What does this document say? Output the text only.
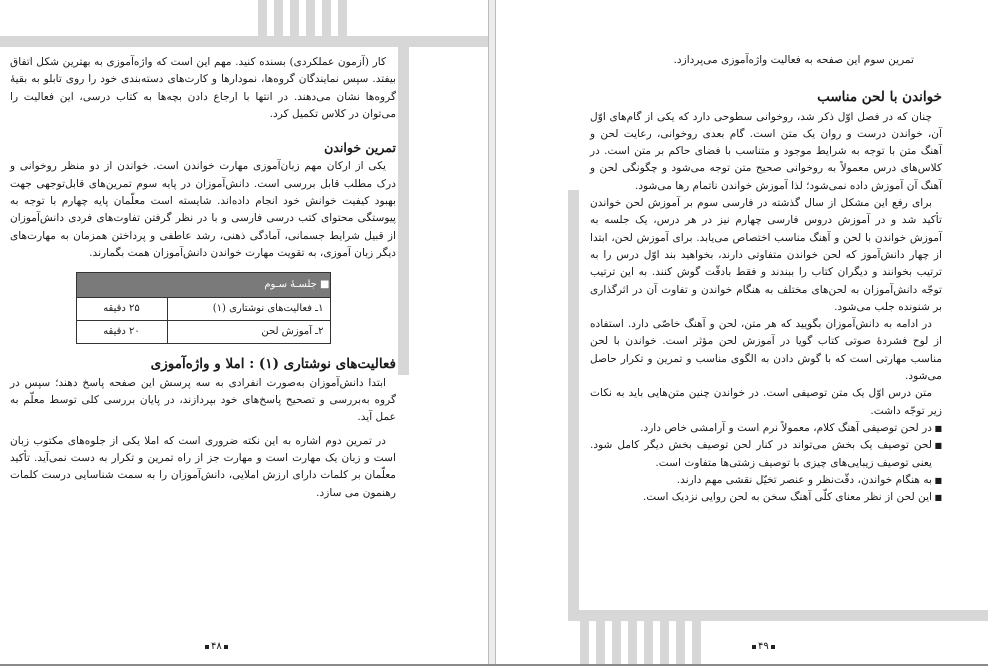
کار (آزمون عملکردی) بسنده کنید. مهم این است که واژه‌آموزی به بهترین شکل اتفاق بیفتد. سپس نمایندگان گروه‌ها، نمودارها و کارت‌های دسته‌بندی خود را روی تابلو به بقیهٔ گروه‌ها نشان می‌دهند. در انتها با ارجاع دادن بچه‌ها به کتاب درسی، این فعالیت را می‌توان در کلاس تکمیل کرد.

تمرین خواندن

یکی از ارکان مهم زبان‌آموزی مهارت خواندن است. خواندن از دو منظر روخوانی و درک مطلب قابل بررسی است. دانش‌آموزان در پایه سوم تمرین‌های قابل‌توجهی جهت بهبود کیفیت خوانش خود انجام داده‌اند. شایسته است معلّمان پایه چهارم با توجه به پیوستگی محتوای کتب درسی فارسی و با در نظر گرفتن تفاوت‌های فردی دانش‌آموزان از قبیل شرایط جسمانی، آمادگی ذهنی، رشد عاطفی و پرداختن همزمان به مهارت‌های دیگر زبان آموزی، به تقویت مهارت خواندن دانش‌آموزان همت بگمارند.

■ جلسـهٔ سـوم	
۱ـ فعالیت‌های نوشتاری (۱)	۲۵ دقیقه
۲ـ آموزش لحن	۲۰ دقیقه
فعالیت‌های نوشتاری (۱) : املا و واژه‌آموزی

ابتدا دانش‌آموزان به‌صورت انفرادی به سه پرسش این صفحه پاسخ دهند؛ سپس در گروه به‌بررسی و تصحیح پاسخ‌های خود بپردازند، در پایان بررسی کلی توسط معلّم به عمل آید.

در تمرین دوم اشاره به این نکته ضروری است که املا یکی از جلوه‌های مکتوب زبان است و زبان یک مهارت است و مهارت جز از راه تمرین و تکرار به دست نمی‌آید. تأکید معلّمان بر کلمات دارای ارزش املایی، دانش‌آموزان را به سمت شناسایی درست کلمات رهنمون می سازد.

۴۸

تمرین سوم این صفحه به فعالیت واژه‌آموزی می‌پردازد.

خواندن با لحن مناسب

چنان که در فصل اوّل ذکر شد، روخوانی سطوحی دارد که یکی از گام‌های اوّل آن، خواندن درست و روان یک متن است. گام بعدی روخوانی، رعایت لحن و آهنگ متن با توجه به شرایط موجود و متناسب با فضای حاکم بر متن است. در کلاس‌های درس معمولاً به روخوانی صحیح متن توجه می‌شود و چگونگی لحن و آهنگ آن آموزش داده نمی‌شود؛ لذا آموزش خواندن ناتمام رها می‌شود.

برای رفع این مشکل از سال گذشته در فارسی سوم بر آموزش لحن خواندن تأکید شد و در آموزش دروس فارسی چهارم نیز در هر درس، یک جلسه به آموزش خواندن با لحن و آهنگ مناسب اختصاص می‌یابد. برای آموزش لحن، ابتدا از چهار دانش‌آموز که لحن خواندن متفاوتی دارند، بخواهید بند اوّل درس را به ترتیب بخوانند و دیگران کتاب را ببندند و فقط بادقّت گوش کنند. به این ترتیب توجّه دانش‌آموزان به لحن‌های مختلف به هنگام خواندن و تفاوت آن در اثرگذاری بر شنونده جلب می‌شود.

در ادامه به دانش‌آموزان بگویید که هر متن، لحن و آهنگ خاصّی دارد. استفاده از لوح فشردهٔ صوتی کتاب گویا در آموزش لحن مؤثر است. خواندن با لحن مناسب مهارتی است که با گوش دادن به الگوی مناسب و تمرین و تکرار حاصل می‌شود.

متن درس اوّل یک متن توصیفی است. در خواندن چنین متن‌هایی باید به نکات زیر توجّه داشت.

■ در لحن توصیفی آهنگ کلام، معمولاً نرم است و آرامشی خاص دارد.
■ لحن توصیف یک بخش می‌تواند در کنار لحن توصیف بخش دیگر کامل شود. یعنی توصیف زیبایی‌های چیزی با توصیف زشتی‌ها متفاوت است.
■ به هنگام خواندن، دقّت‌نظر و عنصر تخیّل نقشی مهم دارند.
■ این لحن از نظر معنای کلّی آهنگ سخن به لحن روایی نزدیک است.
۴۹
